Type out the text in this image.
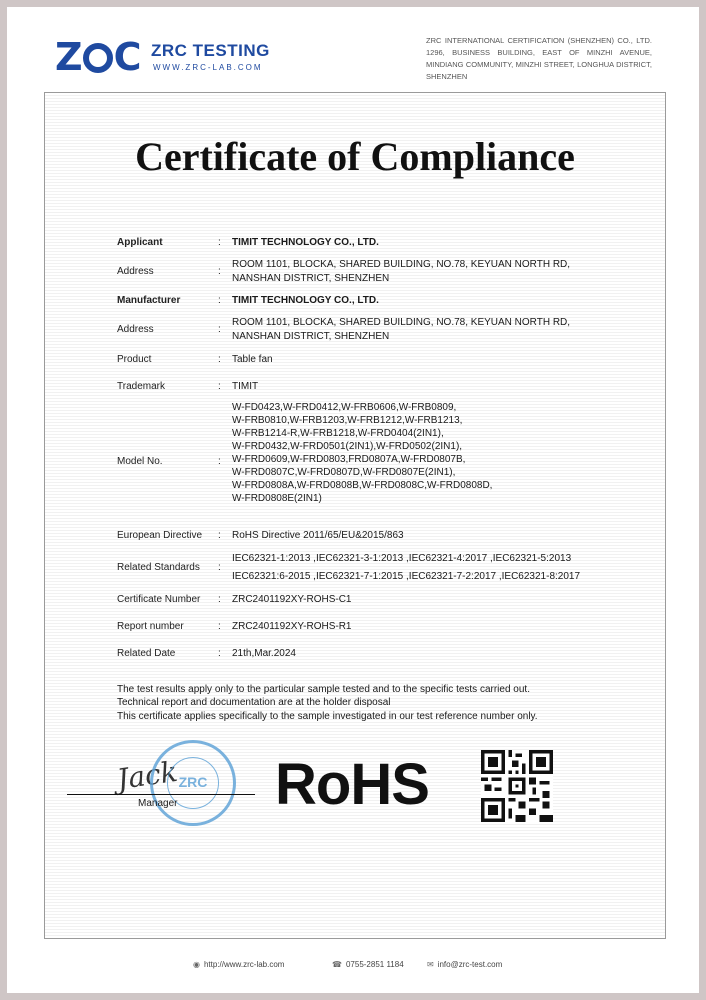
Z C ZRC TESTING
WWW.ZRC-LAB.COM
ZRC INTERNATIONAL CERTIFICATION (SHENZHEN) CO., LTD. 1296, BUSINESS BUILDING, EAST OF MINZHI AVENUE, MINDIANG COMMUNITY, MINZHI STREET, LONGHUA DISTRICT, SHENZHEN
Certificate of Compliance
Applicant	: TIMIT TECHNOLOGY CO., LTD.
Address	:
ROOM 1101, BLOCKA, SHARED BUILDING, NO.78, KEYUAN NORTH RD,
NANSHAN DISTRICT, SHENZHEN
Manufacturer	: TIMIT TECHNOLOGY CO., LTD.
Address	:
ROOM 1101, BLOCKA, SHARED BUILDING, NO.78, KEYUAN NORTH RD,
NANSHAN DISTRICT, SHENZHEN
Product	: Table fan
Trademark	: TIMIT
Model No.	:
W-FD0423,W-FRD0412,W-FRB0606,W-FRB0809,
W-FRB0810,W-FRB1203,W-FRB1212,W-FRB1213,
W-FRB1214-R,W-FRB1218,W-FRD0404(2IN1),
W-FRD0432,W-FRD0501(2IN1),W-FRD0502(2IN1),
W-FRD0609,W-FRD0803,FRD0807A,W-FRD0807B,
W-FRD0807C,W-FRD0807D,W-FRD0807E(2IN1),
W-FRD0808A,W-FRD0808B,W-FRD0808C,W-FRD0808D,
W-FRD0808E(2IN1)
European Directive : RoHS Directive 2011/65/EU&2015/863
Related Standards :
IEC62321-1:2013 ,IEC62321-3-1:2013 ,IEC62321-4:2017 ,IEC62321-5:2013
IEC62321:6-2015 ,IEC62321-7-1:2015 ,IEC62321-7-2:2017 ,IEC62321-8:2017
Certificate Number : ZRC2401192XY-ROHS-C1
Report number	: ZRC2401192XY-ROHS-R1
Related Date	: 21th,Mar.2024
The test results apply only to the particular sample tested and to the specific tests carried out.
Technical report and documentation are at the holder disposal
This certificate applies specifically to the sample investigated in our test reference number only.
Jack ZRC
Manager RoHS
◉ http://www.zrc-lab.com	☎ 0755-2851 1184	✉ info@zrc-test.com
